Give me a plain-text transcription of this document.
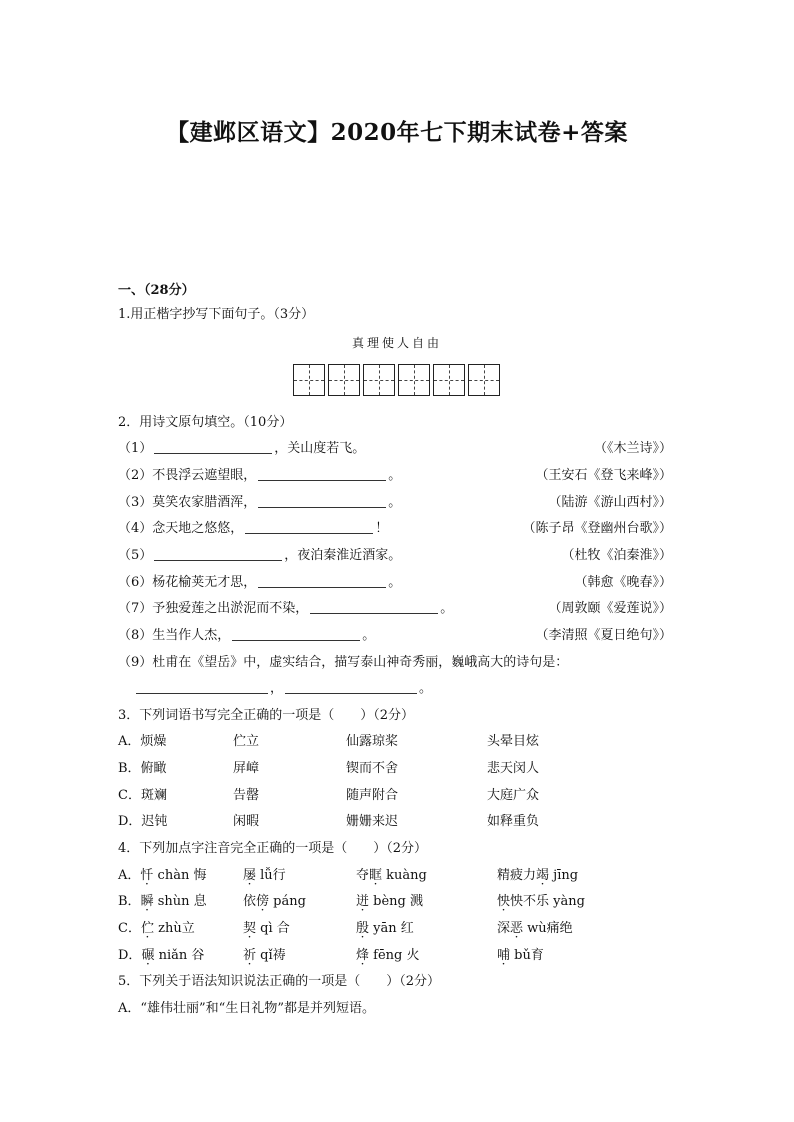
【建邺区语文】2020年七下期末试卷+答案
一、（28分）
1.用正楷字抄写下面句子。（3分）
真理使人自由
2．用诗文原句填空。（10分）
（1）	，关山度若飞。	（《木兰诗》）
（2）不畏浮云遮望眼，	。	（王安石《登飞来峰》）
（3）莫笑农家腊酒浑，	。	（陆游《游山西村》）
（4）念天地之悠悠，	！	（陈子昂《登幽州台歌》）
（5）	，夜泊秦淮近酒家。	（杜牧《泊秦淮》）
（6）杨花榆荚无才思，	。	（韩愈《晚春》）
（7）予独爱莲之出淤泥而不染，	。	（周敦颐《爱莲说》）
（8）生当作人杰，	。	（李清照《夏日绝句》）
（9）杜甫在《望岳》中，虚实结合，描写泰山神奇秀丽，巍峨高大的诗句是：
，	。
3．下列词语书写完全正确的一项是（　　）（2分）
A．烦燥	伫立	仙露琼桨	头晕目炫
B．俯瞰	屏嶂	锲而不舍	悲天闵人
C．斑斓	告罄	随声附合	大庭广众
D．迟钝	闲暇	姗姗来迟	如释重负
4．下列加点字注音完全正确的一项是（　　）（2分）
A．忏 chàn 悔	屡 lǚ行	夺眶 kuàng	精疲力竭 jīng
B．瞬 shùn 息	依傍 páng	迸 bèng 溅	怏怏不乐 yàng
C．伫 zhù立	契 qì 合	殷 yān 红	深恶 wù痛绝
D．碾 niǎn 谷	祈 qǐ祷	烽 fēng 火	哺 bǔ育
5．下列关于语法知识说法正确的一项是（　　）（2分）
A．“雄伟壮丽”和“生日礼物”都是并列短语。
